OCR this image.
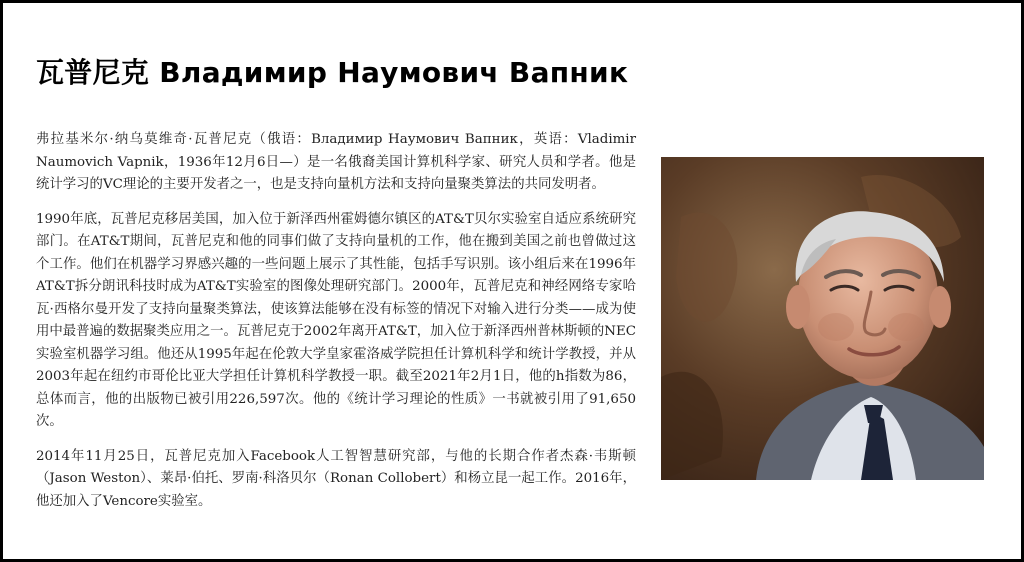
瓦普尼克 Владимир Наумович Вапник

弗拉基米尔·纳乌莫维奇·瓦普尼克（俄语：Владимир Наумович Вапник，英语：Vladimir Naumovich Vapnik，1936年12月6日—）是一名俄裔美国计算机科学家、研究人员和学者。他是统计学习的VC理论的主要开发者之一，也是支持向量机方法和支持向量聚类算法的共同发明者。

1990年底，瓦普尼克移居美国，加入位于新泽西州霍姆德尔镇区的AT&T贝尔实验室自适应系统研究部门。在AT&T期间，瓦普尼克和他的同事们做了支持向量机的工作，他在搬到美国之前也曾做过这个工作。他们在机器学习界感兴趣的一些问题上展示了其性能，包括手写识别。该小组后来在1996年AT&T拆分朗讯科技时成为AT&T实验室的图像处理研究部门。2000年，瓦普尼克和神经网络专家哈瓦·西格尔曼开发了支持向量聚类算法，使该算法能够在没有标签的情况下对输入进行分类——成为使用中最普遍的数据聚类应用之一。瓦普尼克于2002年离开AT&T，加入位于新泽西州普林斯顿的NEC实验室机器学习组。他还从1995年起在伦敦大学皇家霍洛威学院担任计算机科学和统计学教授，并从2003年起在纽约市哥伦比亚大学担任计算机科学教授一职。截至2021年2月1日，他的h指数为86，总体而言，他的出版物已被引用226,597次。他的《统计学习理论的性质》一书就被引用了91,650次。

2014年11月25日，瓦普尼克加入Facebook人工智智慧研究部，与他的长期合作者杰森·韦斯顿（Jason Weston）、莱昂·伯托、罗南·科洛贝尔（Ronan Collobert）和杨立昆一起工作。2016年，他还加入了Vencore实验室。
